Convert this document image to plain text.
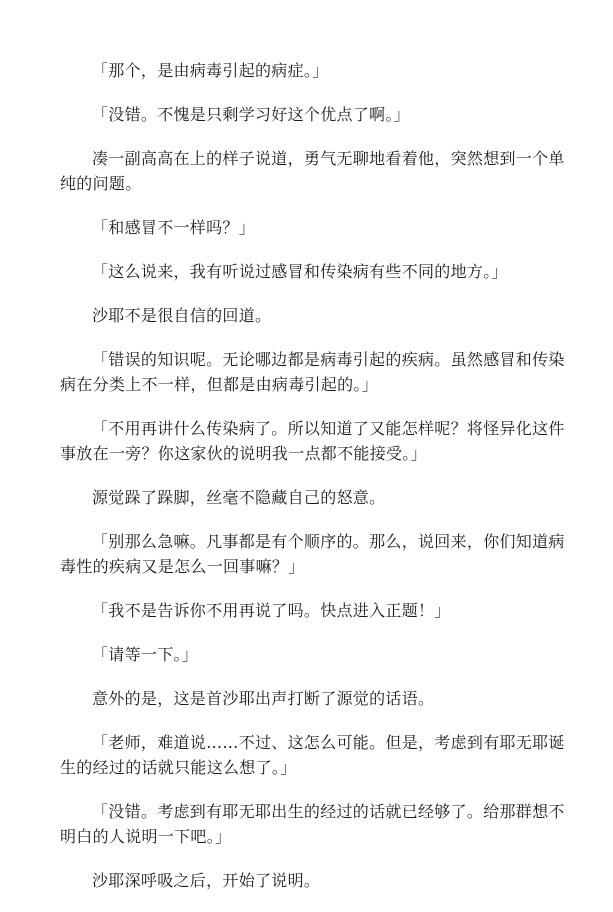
「那个，是由病毒引起的病症。」

「没错。不愧是只剩学习好这个优点了啊。」

凑一副高高在上的样子说道，勇气无聊地看着他，突然想到一个单纯的问题。

「和感冒不一样吗？」

「这么说来，我有听说过感冒和传染病有些不同的地方。」

沙耶不是很自信的回道。

「错误的知识呢。无论哪边都是病毒引起的疾病。虽然感冒和传染病在分类上不一样，但都是由病毒引起的。」

「不用再讲什么传染病了。所以知道了又能怎样呢？将怪异化这件事放在一旁？你这家伙的说明我一点都不能接受。」

源觉跺了跺脚，丝毫不隐藏自己的怒意。

「别那么急嘛。凡事都是有个顺序的。那么，说回来，你们知道病毒性的疾病又是怎么一回事嘛？」

「我不是告诉你不用再说了吗。快点进入正题！」

「请等一下。」

意外的是，这是首沙耶出声打断了源觉的话语。

「老师，难道说……不过、这怎么可能。但是，考虑到有耶无耶诞生的经过的话就只能这么想了。」

「没错。考虑到有耶无耶出生的经过的话就已经够了。给那群想不明白的人说明一下吧。」

沙耶深呼吸之后，开始了说明。
